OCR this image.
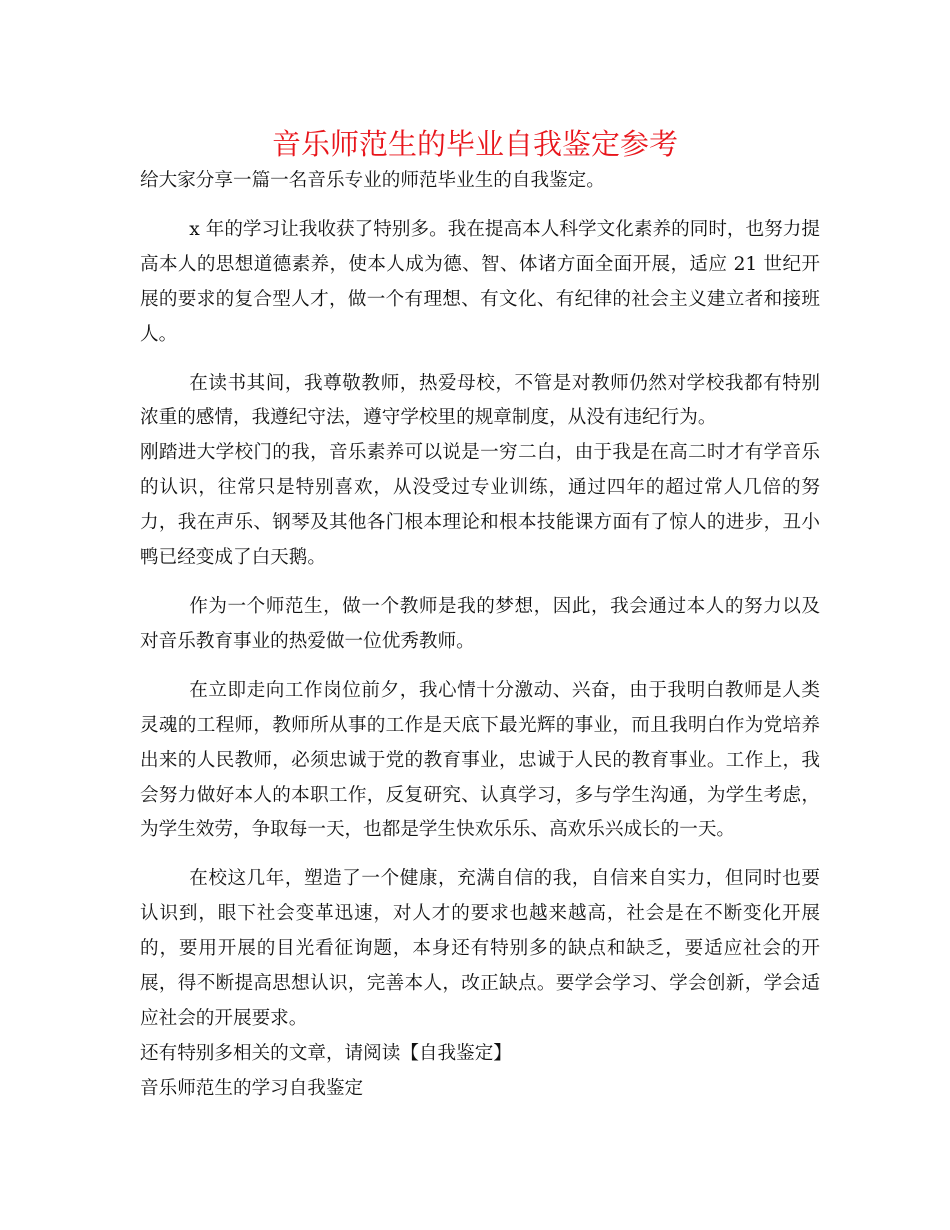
音乐师范生的毕业自我鉴定参考

给大家分享一篇一名音乐专业的师范毕业生的自我鉴定。

x 年的学习让我收获了特别多。我在提高本人科学文化素养的同时，也努力提高本人的思想道德素养，使本人成为德、智、体诸方面全面开展，适应 21 世纪开展的要求的复合型人才，做一个有理想、有文化、有纪律的社会主义建立者和接班人。

在读书其间，我尊敬教师，热爱母校，不管是对教师仍然对学校我都有特别浓重的感情，我遵纪守法，遵守学校里的规章制度，从没有违纪行为。

刚踏进大学校门的我，音乐素养可以说是一穷二白，由于我是在高二时才有学音乐的认识，往常只是特别喜欢，从没受过专业训练，通过四年的超过常人几倍的努力，我在声乐、钢琴及其他各门根本理论和根本技能课方面有了惊人的进步，丑小鸭已经变成了白天鹅。

作为一个师范生，做一个教师是我的梦想，因此，我会通过本人的努力以及对音乐教育事业的热爱做一位优秀教师。

在立即走向工作岗位前夕，我心情十分激动、兴奋，由于我明白教师是人类灵魂的工程师，教师所从事的工作是天底下最光辉的事业，而且我明白作为党培养出来的人民教师，必须忠诚于党的教育事业，忠诚于人民的教育事业。工作上，我会努力做好本人的本职工作，反复研究、认真学习，多与学生沟通，为学生考虑，为学生效劳，争取每一天，也都是学生快欢乐乐、高欢乐兴成长的一天。

在校这几年，塑造了一个健康，充满自信的我，自信来自实力，但同时也要认识到，眼下社会变革迅速，对人才的要求也越来越高，社会是在不断变化开展的，要用开展的目光看征询题，本身还有特别多的缺点和缺乏，要适应社会的开展，得不断提高思想认识，完善本人，改正缺点。要学会学习、学会创新，学会适应社会的开展要求。

还有特别多相关的文章，请阅读【自我鉴定】

音乐师范生的学习自我鉴定
